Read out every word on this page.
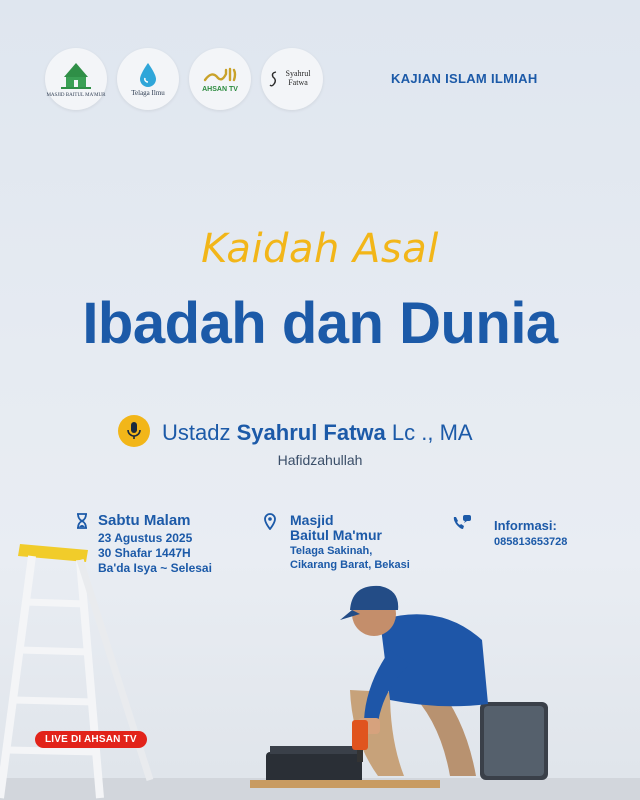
MASJID BAITUL MA'MUR	Telaga Ilmu	AHSAN TV
Syahrul Fatwa	KAJIAN ISLAM ILMIAH
Kaidah Asal
Ibadah dan Dunia
Ustadz Syahrul Fatwa Lc ., MA
Hafidzahullah
Sabtu Malam
23 Agustus 2025
30 Shafar 1447H
Ba'da Isya ~ Selesai
Masjid
Baitul Ma'mur
Telaga Sakinah,
Cikarang Barat, Bekasi
Informasi:
085813653728
LIVE DI AHSAN TV
